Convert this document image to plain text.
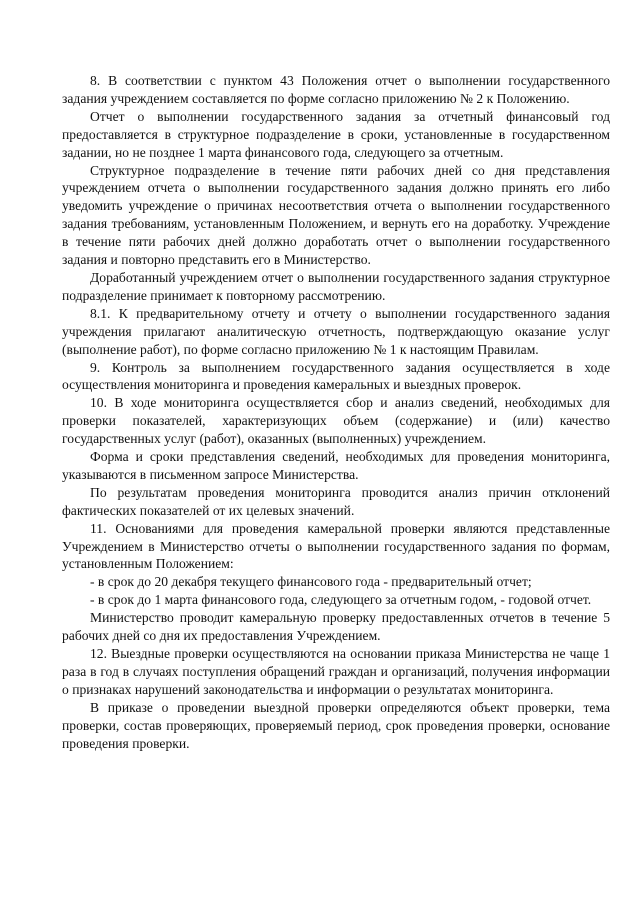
8. В соответствии с пунктом 43 Положения отчет о выполнении государственного задания учреждением составляется по форме согласно приложению № 2 к Положению.

Отчет о выполнении государственного задания за отчетный финансовый год предоставляется в структурное подразделение в сроки, установленные в государственном задании, но не позднее 1 марта финансового года, следующего за отчетным.

Структурное подразделение в течение пяти рабочих дней со дня представления учреждением отчета о выполнении государственного задания должно принять его либо уведомить учреждение о причинах несоответствия отчета о выполнении государственного задания требованиям, установленным Положением, и вернуть его на доработку. Учреждение в течение пяти рабочих дней должно доработать отчет о выполнении государственного задания и повторно представить его в Министерство.

Доработанный учреждением отчет о выполнении государственного задания структурное подразделение принимает к повторному рассмотрению.

8.1. К предварительному отчету и отчету о выполнении государственного задания учреждения прилагают аналитическую отчетность, подтверждающую оказание услуг (выполнение работ), по форме согласно приложению № 1 к настоящим Правилам.

9. Контроль за выполнением государственного задания осуществляется в ходе осуществления мониторинга и проведения камеральных и выездных проверок.

10. В ходе мониторинга осуществляется сбор и анализ сведений, необходимых для проверки показателей, характеризующих объем (содержание) и (или) качество государственных услуг (работ), оказанных (выполненных) учреждением.

Форма и сроки представления сведений, необходимых для проведения мониторинга, указываются в письменном запросе Министерства.

По результатам проведения мониторинга проводится анализ причин отклонений фактических показателей от их целевых значений.

11. Основаниями для проведения камеральной проверки являются представленные Учреждением в Министерство отчеты о выполнении государственного задания по формам, установленным Положением:

- в срок до 20 декабря текущего финансового года - предварительный отчет;

- в срок до 1 марта финансового года, следующего за отчетным годом, - годовой отчет.

Министерство проводит камеральную проверку предоставленных отчетов в течение 5 рабочих дней со дня их предоставления Учреждением.

12. Выездные проверки осуществляются на основании приказа Министерства не чаще 1 раза в год в случаях поступления обращений граждан и организаций, получения информации о признаках нарушений законодательства и информации о результатах мониторинга.

В приказе о проведении выездной проверки определяются объект проверки, тема проверки, состав проверяющих, проверяемый период, срок проведения проверки, основание проведения проверки.
